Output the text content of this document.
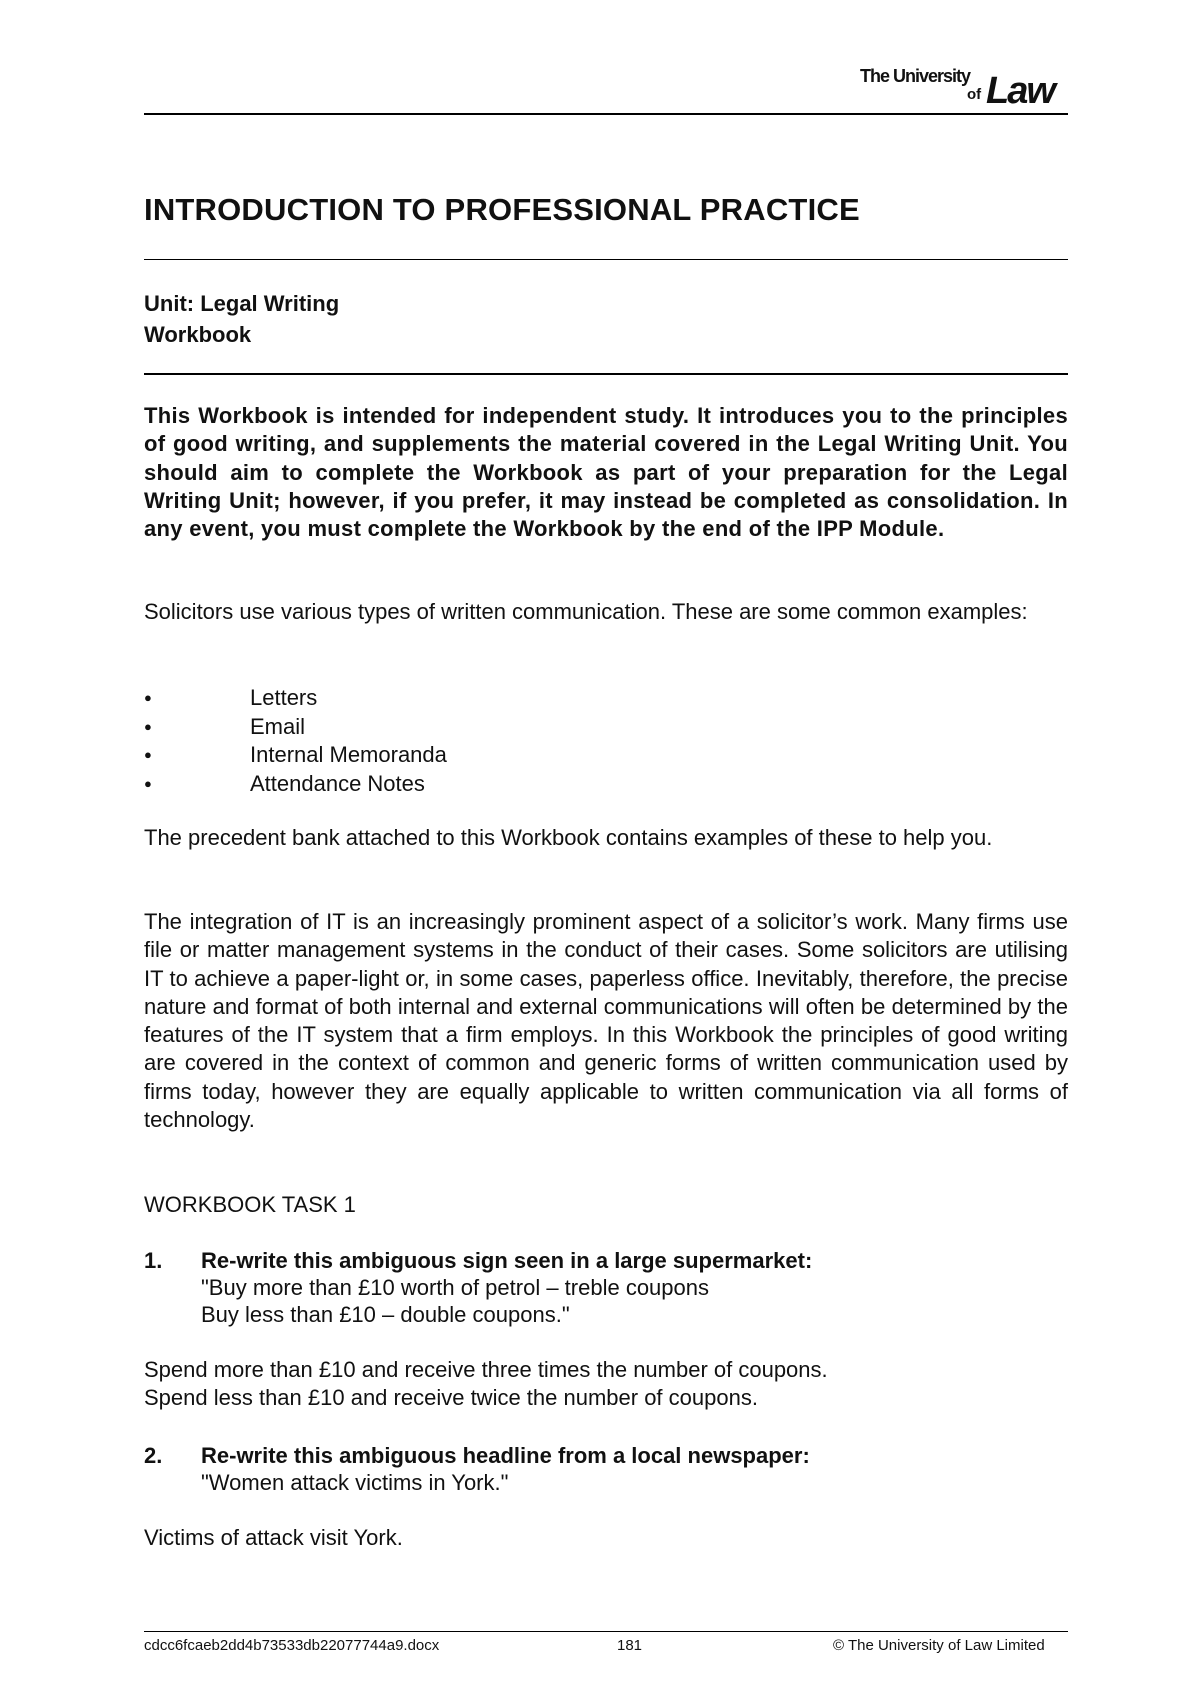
The University
of Law
INTRODUCTION TO PROFESSIONAL PRACTICE
Unit: Legal Writing
Workbook
This Workbook is intended for independent study. It introduces you to the principles of good writing, and supplements the material covered in the Legal Writing Unit. You should aim to complete the Workbook as part of your preparation for the Legal Writing Unit; however, if you prefer, it may instead be completed as consolidation. In any event, you must complete the Workbook by the end of the IPP Module.
Solicitors use various types of written communication. These are some common examples:
● Letters
● Email
● Internal Memoranda
● Attendance Notes
The precedent bank attached to this Workbook contains examples of these to help you.
The integration of IT is an increasingly prominent aspect of a solicitor’s work. Many firms use file or matter management systems in the conduct of their cases. Some solicitors are utilising IT to achieve a paper-light or, in some cases, paperless office. Inevitably, therefore, the precise nature and format of both internal and external communications will often be determined by the features of the IT system that a firm employs. In this Workbook the principles of good writing are covered in the context of common and generic forms of written communication used by firms today, however they are equally applicable to written communication via all forms of technology.
WORKBOOK TASK 1
1. Re-write this ambiguous sign seen in a large supermarket:
"Buy more than £10 worth of petrol – treble coupons
Buy less than £10 – double coupons."
Spend more than £10 and receive three times the number of coupons.
Spend less than £10 and receive twice the number of coupons.
2. Re-write this ambiguous headline from a local newspaper:
"Women attack victims in York."
Victims of attack visit York.
cdcc6fcaeb2dd4b73533db22077744a9.docx	181	© The University of Law Limited
